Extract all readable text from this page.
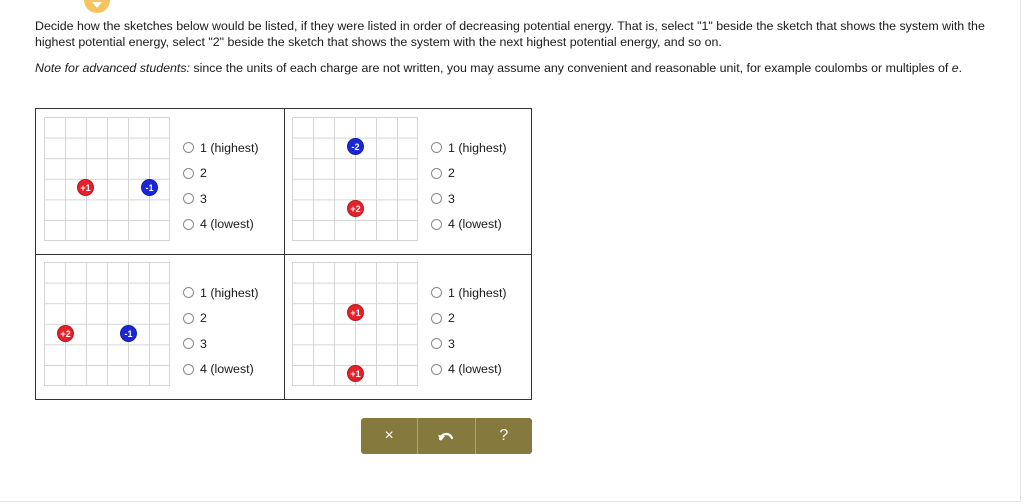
Decide how the sketches below would be listed, if they were listed in order of decreasing potential energy. That is, select "1" beside the sketch that shows the system with the highest potential energy, select "2" beside the sketch that shows the system with the next highest potential energy, and so on.
Note for advanced students: since the units of each charge are not written, you may assume any convenient and reasonable unit, for example coulombs or multiples of e.
+1	-1
1 (highest)
2
3
4 (lowest)
-2
+2
1 (highest)
2
3
4 (lowest)
+2	-1
1 (highest)
2
3
4 (lowest)
+1
+1
1 (highest)
2
3
4 (lowest)
×	?
